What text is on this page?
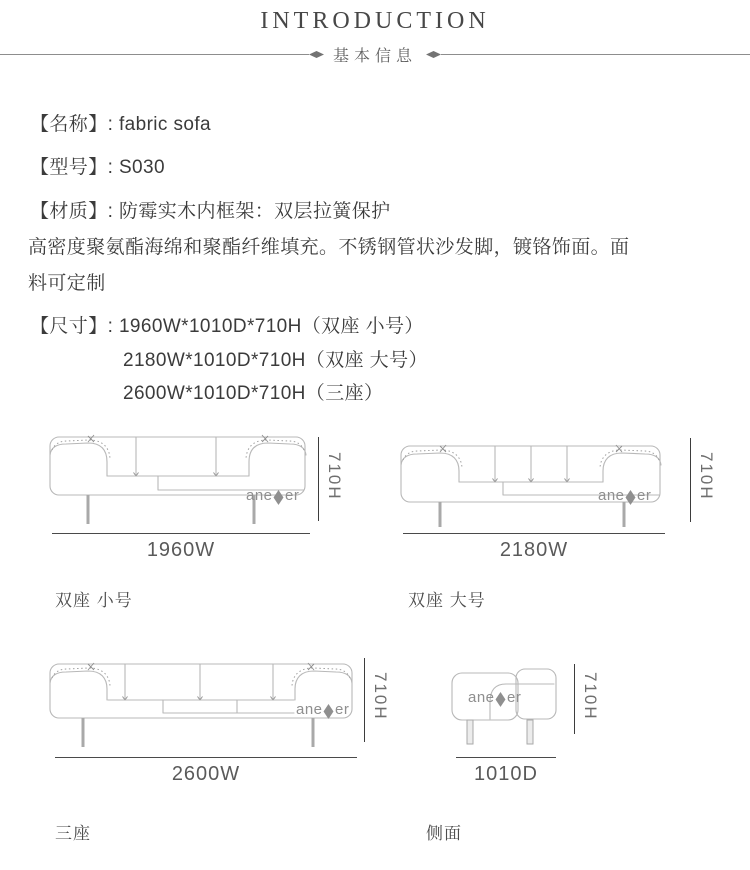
INTRODUCTION
基本信息
【名称】: fabric sofa
【型号】: S030
【材质】: 防霉实木内框架：双层拉簧保护
高密度聚氨酯海绵和聚酯纤维填充。不锈钢管状沙发脚，镀铬饰面。面
料可定制
【尺寸】: 1960W*1010D*710H（双座 小号）
2180W*1010D*710H（双座 大号）
2600W*1010D*710H（三座）
ane ◆ er 710H
1960W
双座 小号
ane ◆ er	710H
2180W
双座 大号
ane ◆ er 710H
2600W
三座
ane ◆ er	710H
1010D
侧面
